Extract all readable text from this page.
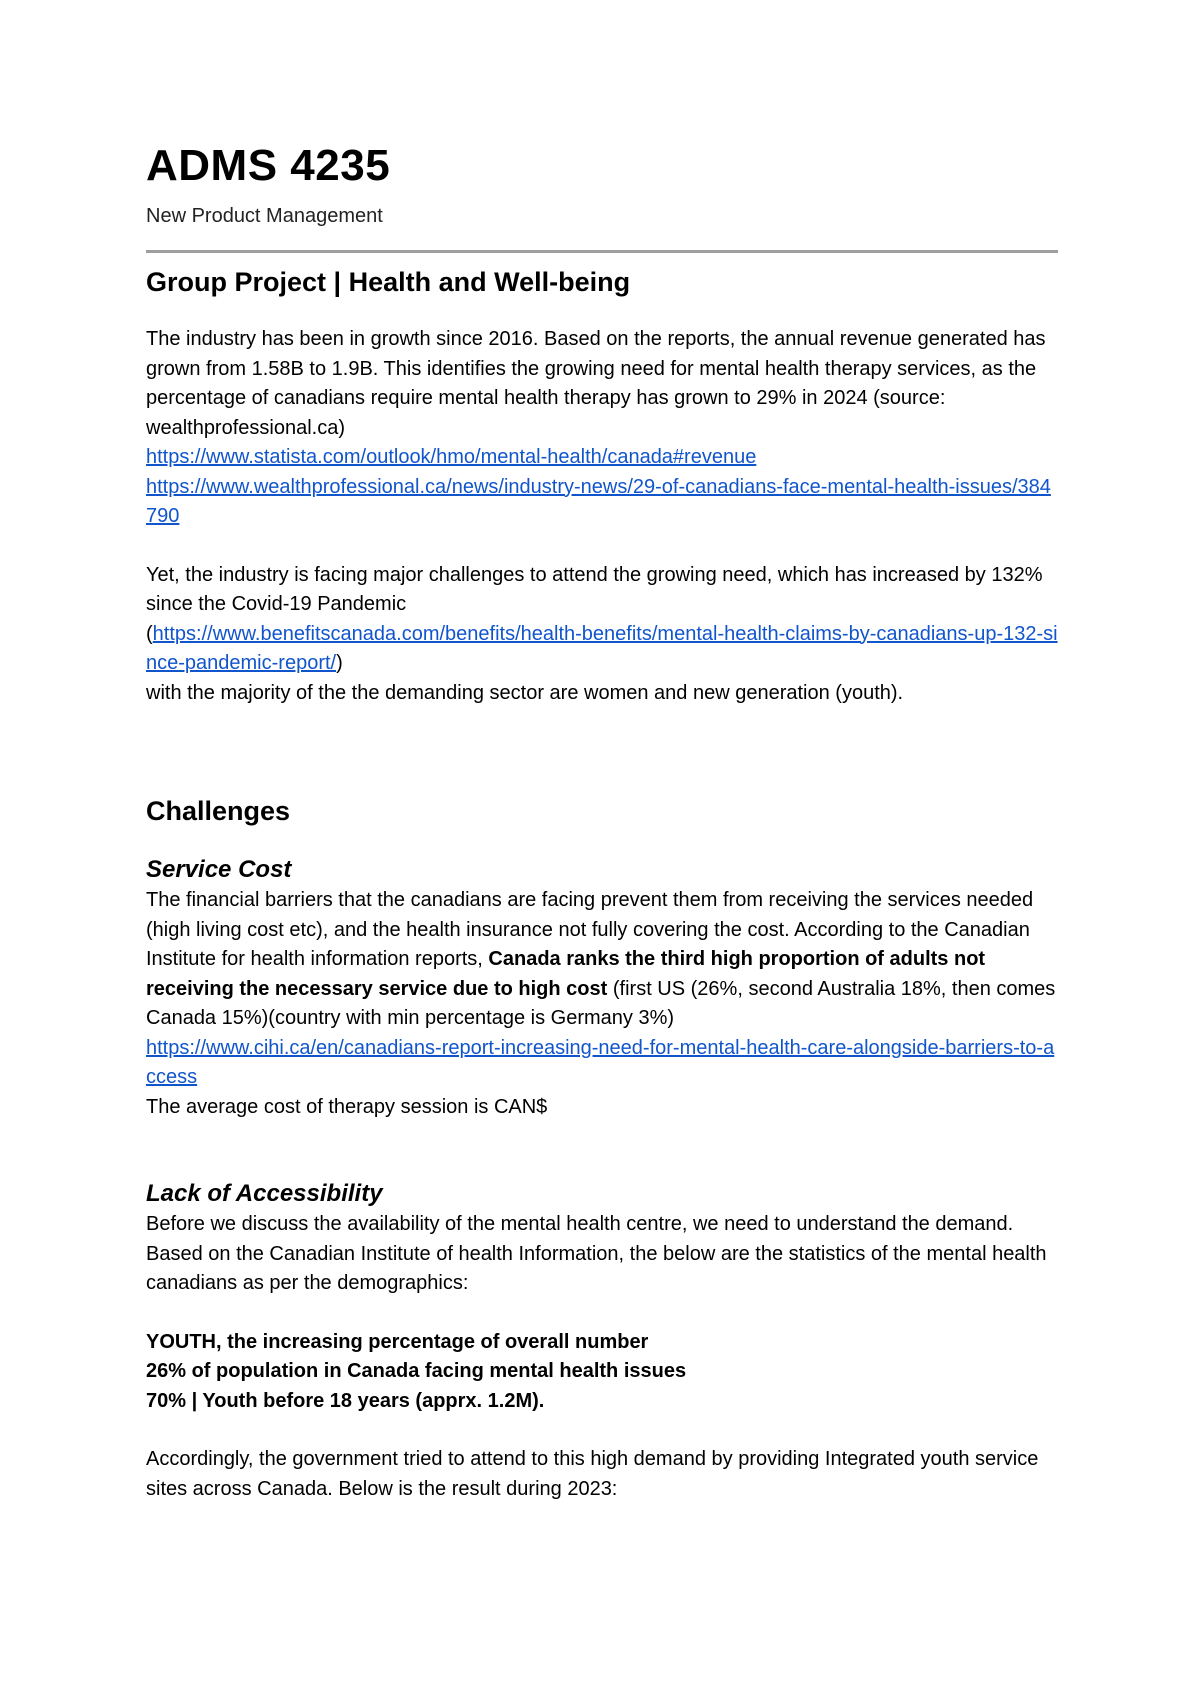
ADMS 4235

New Product Management

Group Project | Health and Well-being

The industry has been in growth since 2016. Based on the reports, the annual revenue generated has grown from 1.58B to 1.9B. This identifies the growing need for mental health therapy services, as the percentage of canadians require mental health therapy has grown to 29% in 2024 (source: wealthprofessional.ca)

https://www.statista.com/outlook/hmo/mental-health/canada#revenue

https://www.wealthprofessional.ca/news/industry-news/29-of-canadians-face-mental-health-issues/384790

Yet, the industry is facing major challenges to attend the growing need, which has increased by 132% since the Covid-19 Pandemic

(https://www.benefitscanada.com/benefits/health-benefits/mental-health-claims-by-canadians-up-132-since-pandemic-report/)

with the majority of the the demanding sector are women and new generation (youth).

Challenges
Service Cost

The financial barriers that the canadians are facing prevent them from receiving the services needed (high living cost etc), and the health insurance not fully covering the cost. According to the Canadian Institute for health information reports, Canada ranks the third high proportion of adults not receiving the necessary service due to high cost (first US (26%, second Australia 18%, then comes Canada 15%)(country with min percentage is Germany 3%)

https://www.cihi.ca/en/canadians-report-increasing-need-for-mental-health-care-alongside-barriers-to-access

The average cost of therapy session is CAN$

Lack of Accessibility

Before we discuss the availability of the mental health centre, we need to understand the demand. Based on the Canadian Institute of health Information, the below are the statistics of the mental health canadians as per the demographics:

YOUTH, the increasing percentage of overall number

26% of population in Canada facing mental health issues

70% | Youth before 18 years (apprx. 1.2M).

Accordingly, the government tried to attend to this high demand by providing Integrated youth service sites across Canada. Below is the result during 2023:
